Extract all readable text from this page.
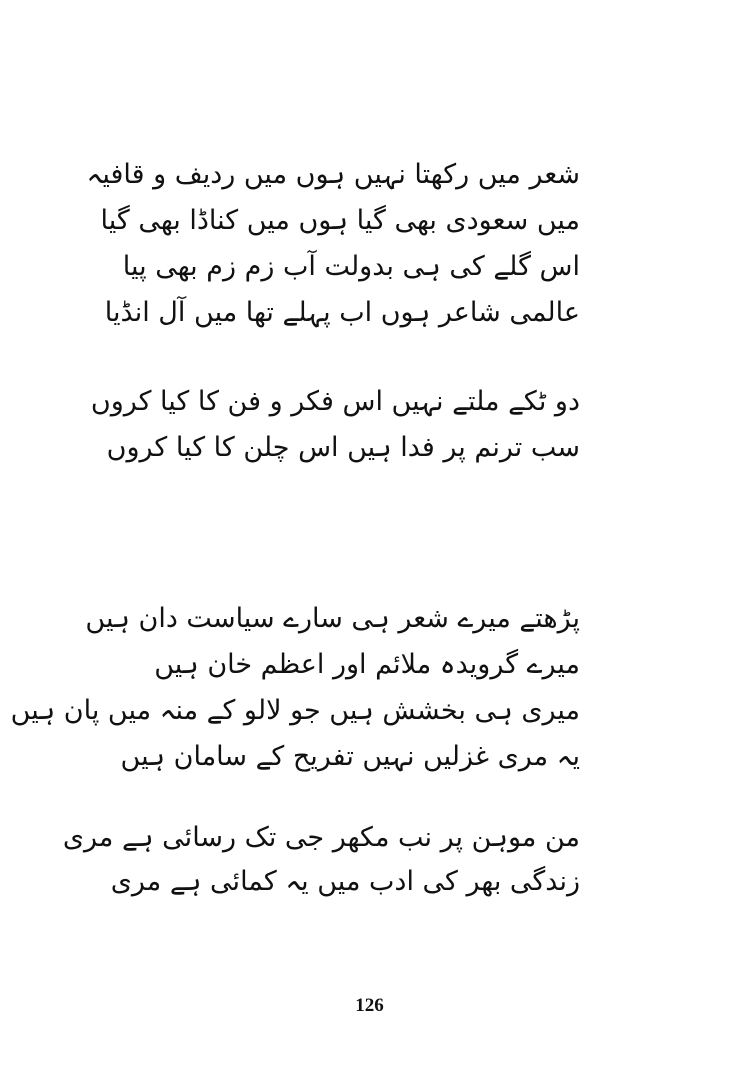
شعر میں رکھتا نہیں ہوں میں ردیف و قافیہ
میں سعودی بھی گیا ہوں میں کناڈا بھی گیا
اس گلے کی ہی بدولت آب زم زم بھی پیا
عالمی شاعر ہوں اب پہلے تھا میں آل انڈیا
دو ٹکے ملتے نہیں اس فکر و فن کا کیا کروں
سب ترنم پر فدا ہیں اس چلن کا کیا کروں
پڑھتے میرے شعر ہی سارے سیاست دان ہیں
میرے گرویدہ ملائم اور اعظم خان ہیں
میری ہی بخشش ہیں جو لالو کے منہ میں پان ہیں
یہ مری غزلیں نہیں تفریح کے سامان ہیں
من موہن پر نب مکھر جی تک رسائی ہے مری
زندگی بھر کی ادب میں یہ کمائی ہے مری
126
